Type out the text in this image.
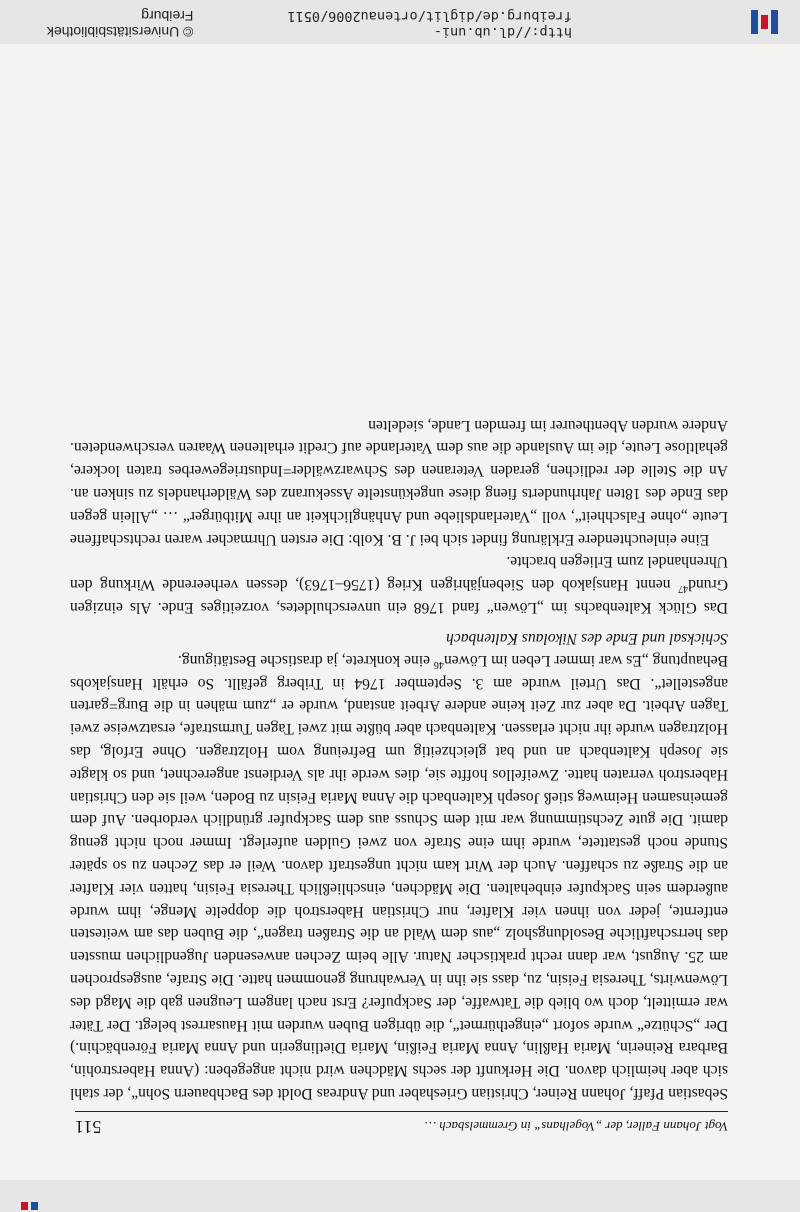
http://dl.ub.uni-freiburg.de/diglit/ortenau2006/0511
© Universitätsbibliothek Freiburg
Vogt Johann Faller, der „Vogelhans“ in Gremmelsbach …
511

Sebastian Pfaff, Johann Reiner, Christian Grieshaber und Andreas Doldt des Bachbauern Sohn“, der stahl sich aber heimlich davon. Die Herkunft der sechs Mädchen wird nicht angegeben: (Anna Haberstrohin, Barbara Reinerin, Maria Haßlin, Anna Maria Feißin, Maria Dietlingerin und Anna Maria Förenbächin.) Der „Schütze“ wurde sofort „eingethürmet“, die übrigen Buben wurden mit Hausarrest belegt. Der Täter war ermittelt, doch wo blieb die Tatwaffe, der Sackpufer? Erst nach langem Leugnen gab die Magd des Löwenwirts, Theresia Feisin, zu, dass sie ihn in Verwahrung genommen hatte. Die Strafe, ausgesprochen am 25. August, war dann recht praktischer Natur. Alle beim Zechen anwesenden Jugendlichen mussten das herrschaftliche Besoldungsholz „aus dem Wald an die Straßen tragen“, die Buben das am weitesten entfernte, jeder von ihnen vier Klafter, nur Christian Haberstroh die doppelte Menge, ihm wurde außerdem sein Sackpufer einbehalten. Die Mädchen, einschließlich Theresia Feisin, hatten vier Klafter an die Straße zu schaffen. Auch der Wirt kam nicht ungestraft davon. Weil er das Zechen zu so später Stunde noch gestattete, wurde ihm eine Strafe von zwei Gulden auferlegt. Immer noch nicht genug damit. Die gute Zechstimmung war mit dem Schuss aus dem Sackpufer gründlich verdorben. Auf dem gemeinsamen Heimweg stieß Joseph Kaltenbach die Anna Maria Feisin zu Boden, weil sie den Christian Haberstroh verraten hatte. Zweifellos hoffte sie, dies werde ihr als Verdienst angerechnet, und so klagte sie Joseph Kaltenbach an und bat gleichzeitig um Befreiung vom Holztragen. Ohne Erfolg, das Holztragen wurde ihr nicht erlassen. Kaltenbach aber büßte mit zwei Tagen Turmstrafe, ersatzweise zwei Tagen Arbeit. Da aber zur Zeit keine andere Arbeit anstand, wurde er „zum mähen in die Burg=garten angestellet“. Das Urteil wurde am 3. September 1764 in Triberg gefällt. So erhält Hansjakobs Behauptung „Es war immer Leben im Löwen$^{46}$ eine konkrete, ja drastische Bestätigung.

Schicksal und Ende des Nikolaus Kaltenbach

Das Glück Kaltenbachs im „Löwen“ fand 1768 ein unverschuldetes, vorzeitiges Ende. Als einzigen Grund$^{47}$ nennt Hansjakob den Siebenjährigen Krieg (1756–1763), dessen verheerende Wirkung den Uhrenhandel zum Erliegen brachte.

Eine einleuchtendere Erklärung findet sich bei J. B. Kolb: Die ersten Uhrmacher waren rechtschaffene Leute „ohne Falschheit“, voll „Vaterlandsliebe und Anhänglichkeit an ihre Mitbürger“ … „Allein gegen das Ende des 18ten Jahrhunderts fieng diese ungekünstelte Assekuranz des Wälderhandels zu sinken an. An die Stelle der redlichen, geraden Veteranen des Schwarzwälder=Industriegewerbes traten lockere, gehaltlose Leute, die im Auslande die aus dem Vaterlande auf Credit erhaltenen Waaren verschwendeten. Andere wurden Abentheurer im fremden Lande, siedelten
